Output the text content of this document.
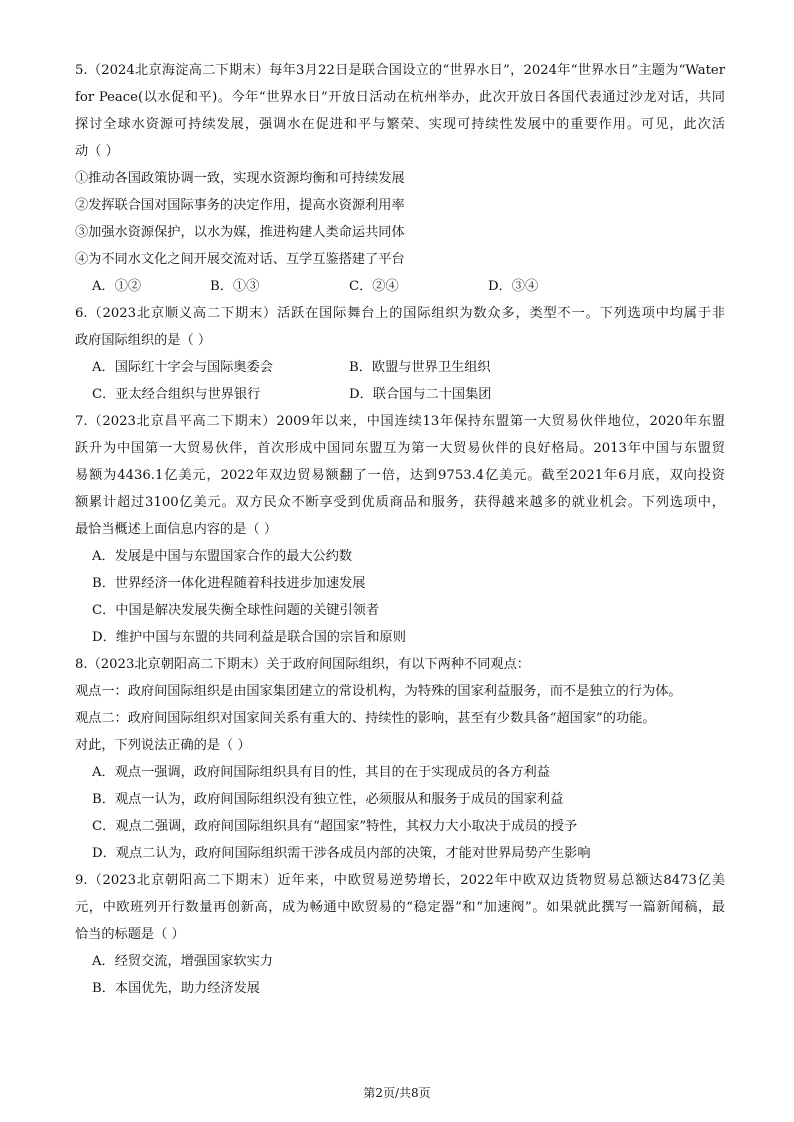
5.（2024北京海淀高二下期末）每年3月22日是联合国设立的“世界水日”，2024年“世界水日”主题为“Water
for Peace(以水促和平)。今年“世界水日”开放日活动在杭州举办，此次开放日各国代表通过沙龙对话，共同
探讨全球水资源可持续发展，强调水在促进和平与繁荣、实现可持续性发展中的重要作用。可见，此次活
动（ ）
①推动各国政策协调一致，实现水资源均衡和可持续发展
②发挥联合国对国际事务的决定作用，提高水资源利用率
③加强水资源保护，以水为媒，推进构建人类命运共同体
④为不同水文化之间开展交流对话、互学互鉴搭建了平台
A．①②	B．①③	C．②④	D．③④
6.（2023北京顺义高二下期末）活跃在国际舞台上的国际组织为数众多，类型不一。下列选项中均属于非
政府国际组织的是（ ）
A．国际红十字会与国际奥委会	B．欧盟与世界卫生组织
C．亚太经合组织与世界银行	D．联合国与二十国集团
7.（2023北京昌平高二下期末）2009年以来，中国连续13年保持东盟第一大贸易伙伴地位，2020年东盟
跃升为中国第一大贸易伙伴，首次形成中国同东盟互为第一大贸易伙伴的良好格局。2013年中国与东盟贸
易额为4436.1亿美元，2022年双边贸易额翻了一倍，达到9753.4亿美元。截至2021年6月底，双向投资
额累计超过3100亿美元。双方民众不断享受到优质商品和服务，获得越来越多的就业机会。下列选项中，
最恰当概述上面信息内容的是（ ）
A．发展是中国与东盟国家合作的最大公约数
B．世界经济一体化进程随着科技进步加速发展
C．中国是解决发展失衡全球性问题的关键引领者
D．维护中国与东盟的共同利益是联合国的宗旨和原则
8.（2023北京朝阳高二下期末）关于政府间国际组织，有以下两种不同观点：
观点一：政府间国际组织是由国家集团建立的常设机构，为特殊的国家利益服务，而不是独立的行为体。
观点二：政府间国际组织对国家间关系有重大的、持续性的影响，甚至有少数具备“超国家”的功能。
对此，下列说法正确的是（ ）
A．观点一强调，政府间国际组织具有目的性，其目的在于实现成员的各方利益
B．观点一认为，政府间国际组织没有独立性，必须服从和服务于成员的国家利益
C．观点二强调，政府间国际组织具有“超国家”特性，其权力大小取决于成员的授予
D．观点二认为，政府间国际组织需干涉各成员内部的决策，才能对世界局势产生影响
9.（2023北京朝阳高二下期末）近年来，中欧贸易逆势增长，2022年中欧双边货物贸易总额达8473亿美
元，中欧班列开行数量再创新高，成为畅通中欧贸易的“稳定器”和“加速阀”。如果就此撰写一篇新闻稿，最
恰当的标题是（ ）
A．经贸交流，增强国家软实力
B．本国优先，助力经济发展
第2页/共8页
